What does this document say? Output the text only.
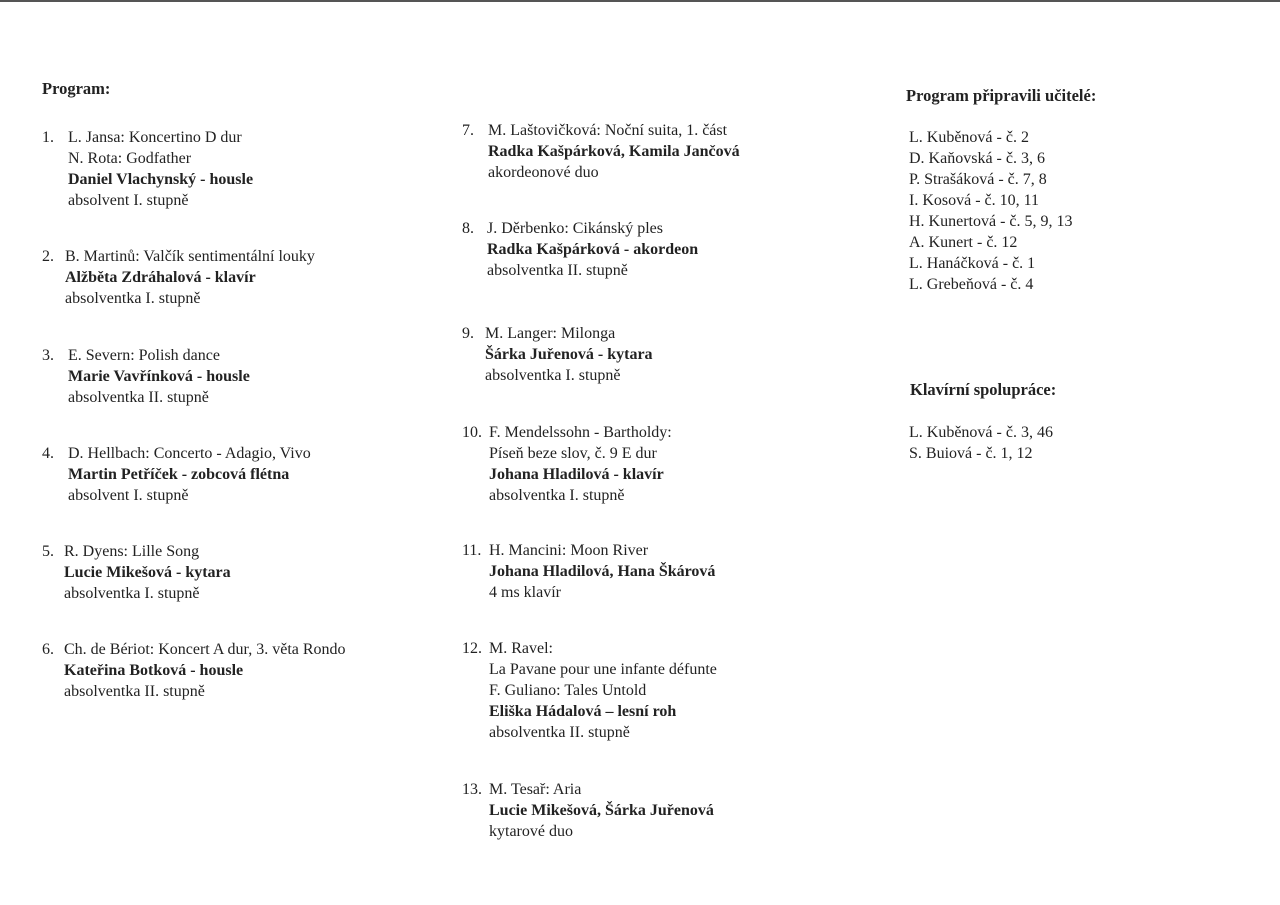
Program:
1. L. Jansa: Koncertino D dur
N. Rota: Godfather
Daniel Vlachynský - housle
absolvent I. stupně
2. B. Martinů: Valčík sentimentální louky
Alžběta Zdráhalová - klavír
absolventka I. stupně
3. E. Severn: Polish dance
Marie Vavřínková - housle
absolventka II. stupně
4. D. Hellbach: Concerto - Adagio, Vivo
Martin Petříček - zobcová flétna
absolvent I. stupně
5. R. Dyens: Lille Song
Lucie Mikešová - kytara
absolventka I. stupně
6. Ch. de Bériot: Koncert A dur, 3. věta Rondo
Kateřina Botková - housle
absolventka II. stupně
7. M. Laštovičková: Noční suita, 1. část
Radka Kašpárková, Kamila Jančová
akordeonové duo
8. J. Děrbenko: Cikánský ples
Radka Kašpárková - akordeon
absolventka II. stupně
9. M. Langer: Milonga
Šárka Juřenová - kytara
absolventka I. stupně
10. F. Mendelssohn - Bartholdy:
Píseň beze slov, č. 9 E dur
Johana Hladilová - klavír
absolventka I. stupně
11. H. Mancini: Moon River
Johana Hladilová, Hana Škárová
4 ms klavír
12. M. Ravel:
La Pavane pour une infante défunte
F. Guliano: Tales Untold
Eliška Hádalová – lesní roh
absolventka II. stupně
13. M. Tesař: Aria
Lucie Mikešová, Šárka Juřenová
kytarové duo
Program připravili učitelé:
L. Kuběnová - č. 2
D. Kaňovská - č. 3, 6
P. Strašáková - č. 7, 8
I. Kosová - č. 10, 11
H. Kunertová - č. 5, 9, 13
A. Kunert - č. 12
L. Hanáčková - č. 1
L. Grebeňová - č. 4
Klavírní spolupráce:
L. Kuběnová - č. 3, 46
S. Buiová - č. 1, 12
